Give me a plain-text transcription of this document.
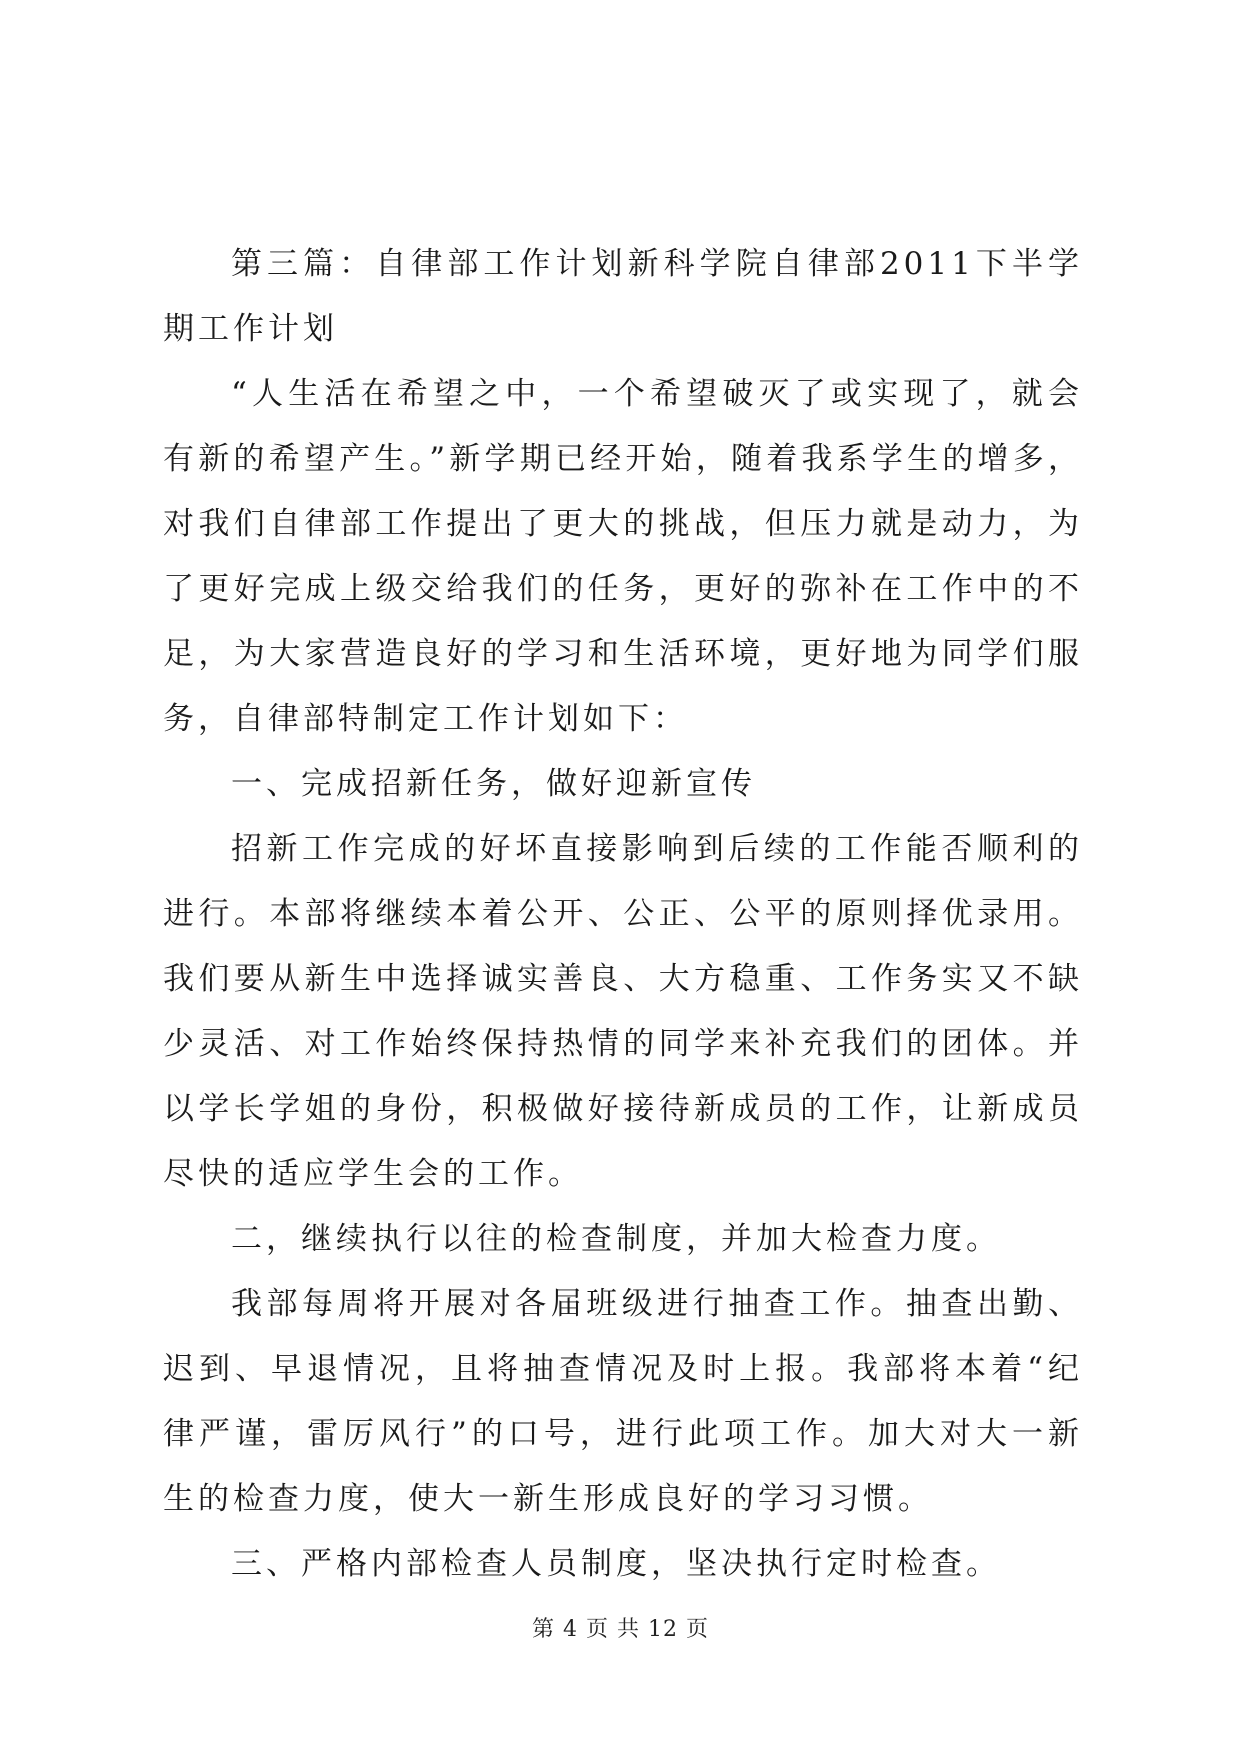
第三篇：自律部工作计划新科学院自律部2011下半学期工作计划

“人生活在希望之中，一个希望破灭了或实现了，就会有新的希望产生。”新学期已经开始，随着我系学生的增多，对我们自律部工作提出了更大的挑战，但压力就是动力，为了更好完成上级交给我们的任务，更好的弥补在工作中的不足，为大家营造良好的学习和生活环境，更好地为同学们服务，自律部特制定工作计划如下：

一、完成招新任务，做好迎新宣传

招新工作完成的好坏直接影响到后续的工作能否顺利的进行。本部将继续本着公开、公正、公平的原则择优录用。我们要从新生中选择诚实善良、大方稳重、工作务实又不缺少灵活、对工作始终保持热情的同学来补充我们的团体。并以学长学姐的身份，积极做好接待新成员的工作，让新成员尽快的适应学生会的工作。

二，继续执行以往的检查制度，并加大检查力度。

我部每周将开展对各届班级进行抽查工作。抽查出勤、迟到、早退情况，且将抽查情况及时上报。我部将本着“纪律严谨，雷厉风行”的口号，进行此项工作。加大对大一新生的检查力度，使大一新生形成良好的学习习惯。

三、严格内部检查人员制度，坚决执行定时检查。

第 4 页 共 12 页
